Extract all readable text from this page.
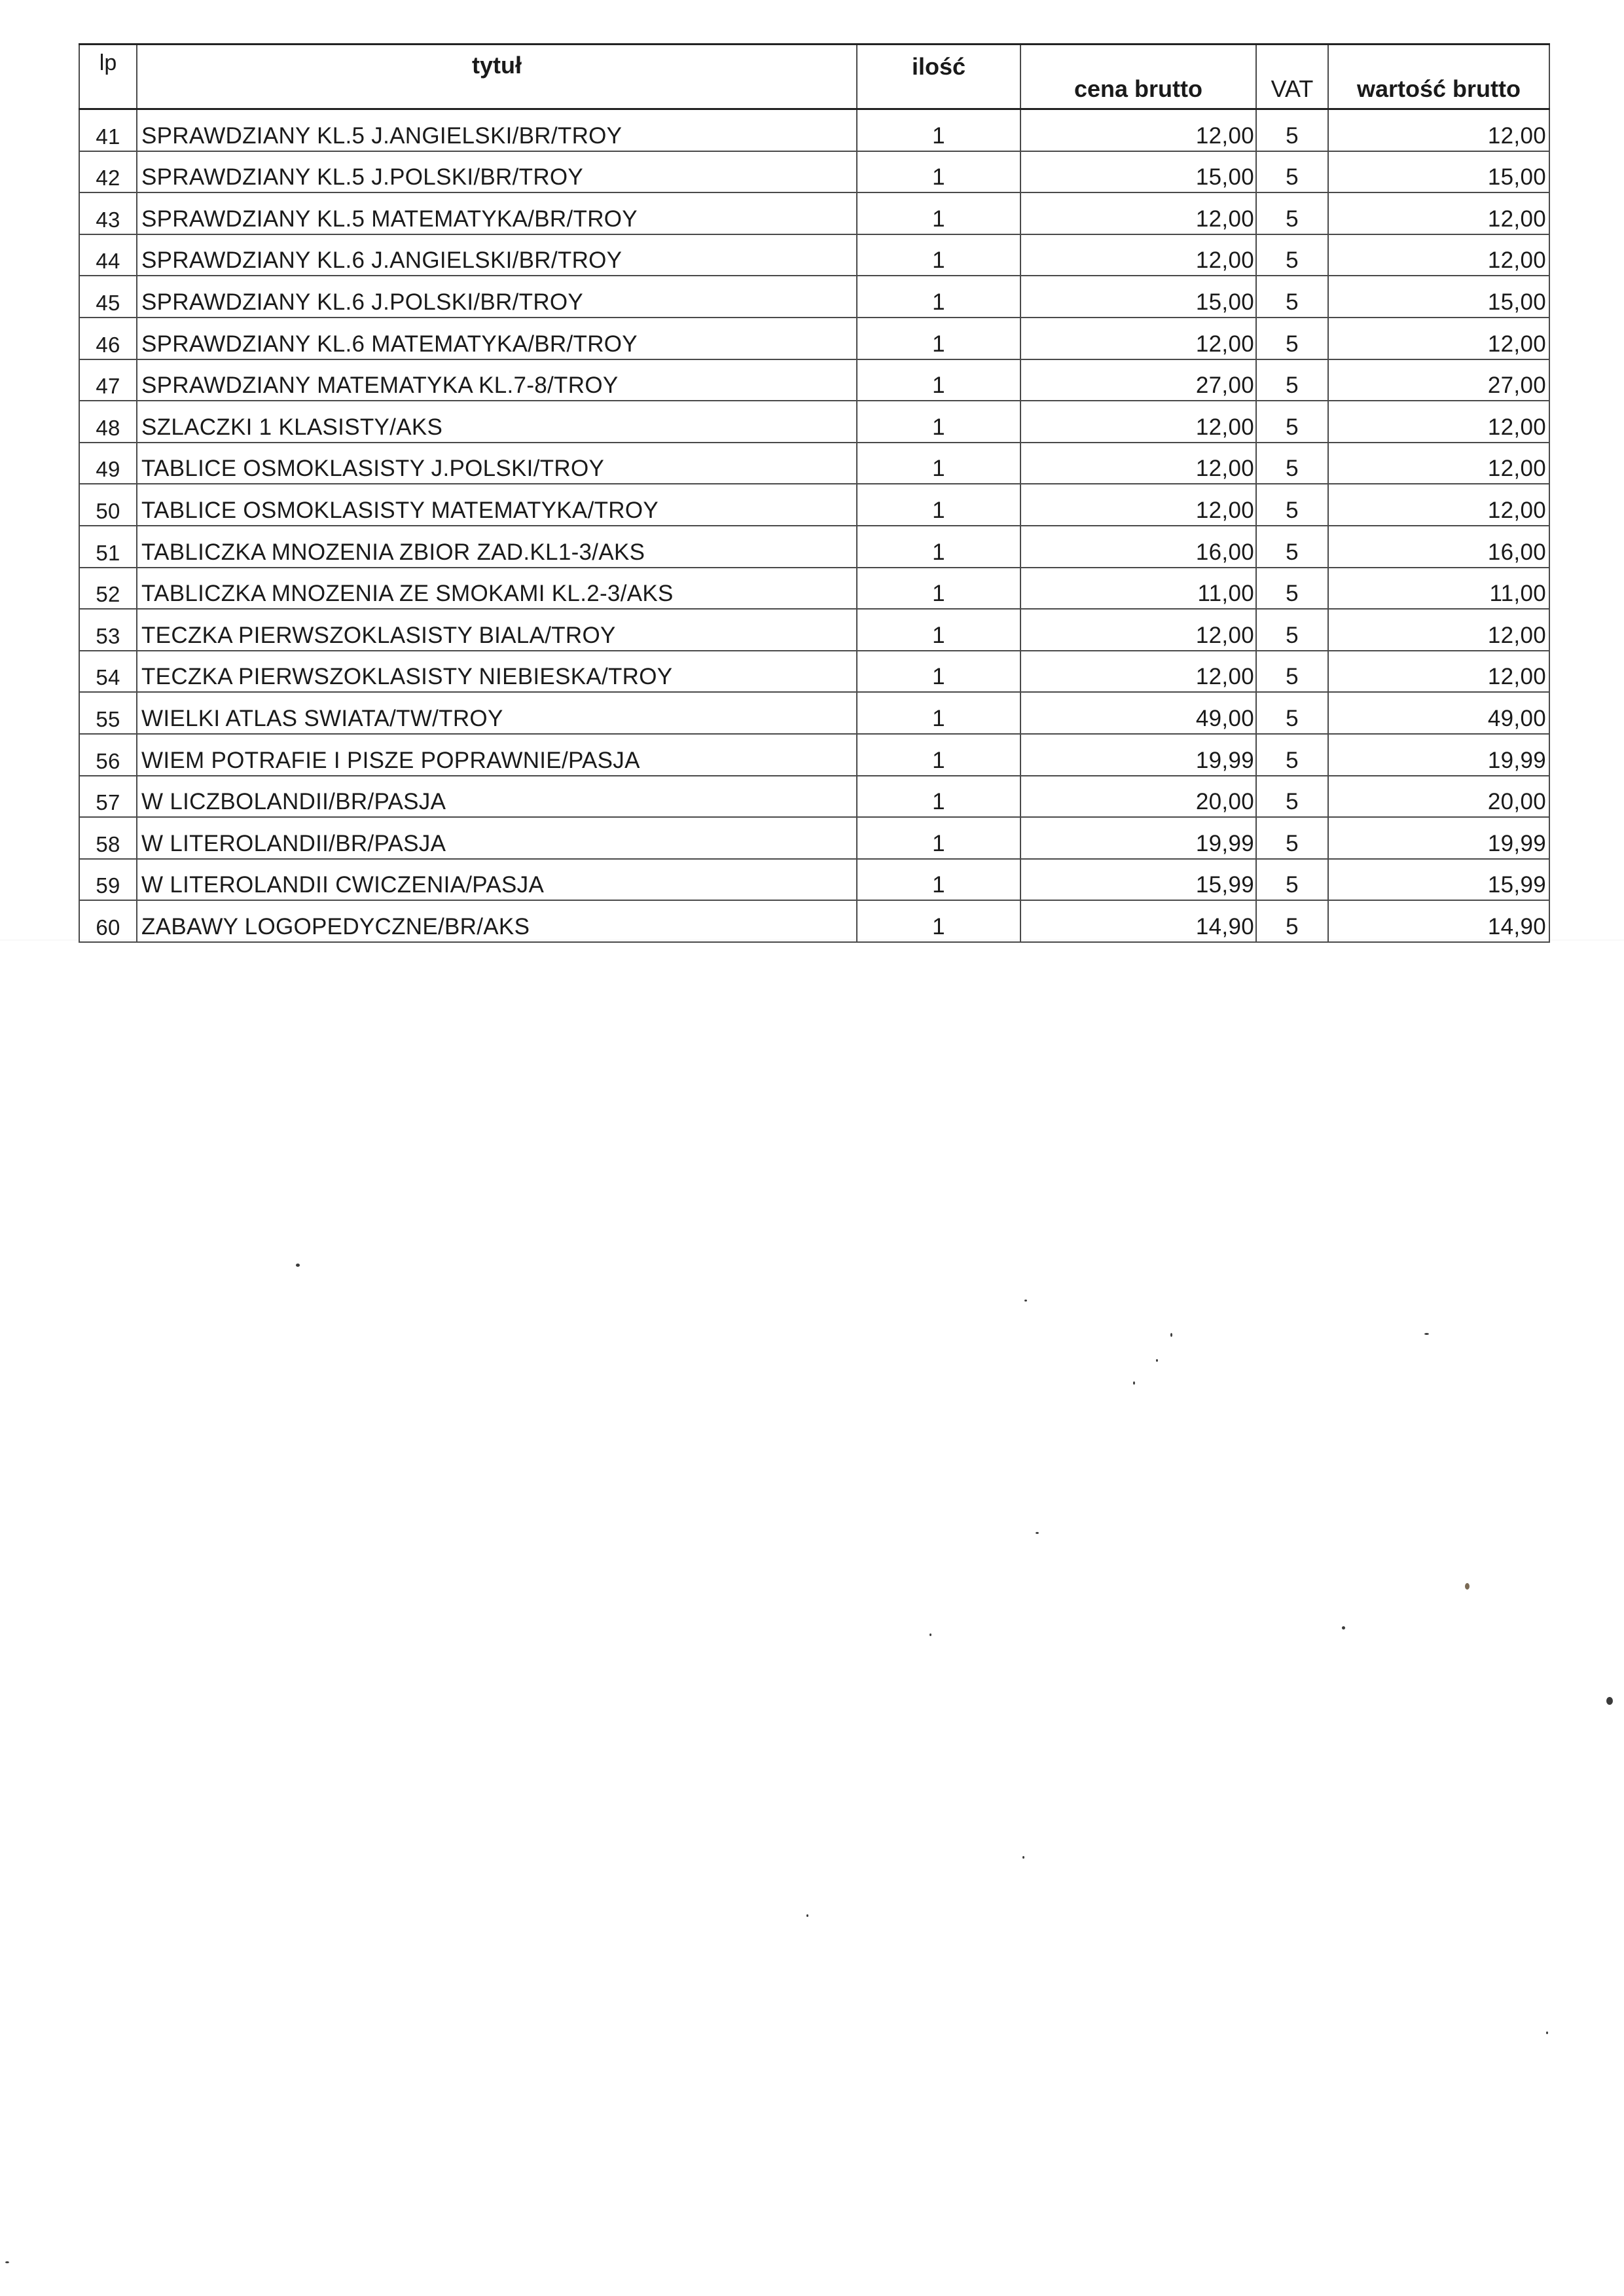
lp	tytuł	ilość	cena brutto	VAT	wartość brutto
41	SPRAWDZIANY KL.5 J.ANGIELSKI/BR/TROY	1	12,00	5	12,00
42	SPRAWDZIANY KL.5 J.POLSKI/BR/TROY	1	15,00	5	15,00
43	SPRAWDZIANY KL.5 MATEMATYKA/BR/TROY	1	12,00	5	12,00
44	SPRAWDZIANY KL.6 J.ANGIELSKI/BR/TROY	1	12,00	5	12,00
45	SPRAWDZIANY KL.6 J.POLSKI/BR/TROY	1	15,00	5	15,00
46	SPRAWDZIANY KL.6 MATEMATYKA/BR/TROY	1	12,00	5	12,00
47	SPRAWDZIANY MATEMATYKA KL.7-8/TROY	1	27,00	5	27,00
48	SZLACZKI 1 KLASISTY/AKS	1	12,00	5	12,00
49	TABLICE OSMOKLASISTY J.POLSKI/TROY	1	12,00	5	12,00
50	TABLICE OSMOKLASISTY MATEMATYKA/TROY	1	12,00	5	12,00
51	TABLICZKA MNOZENIA ZBIOR ZAD.KL1-3/AKS	1	16,00	5	16,00
52	TABLICZKA MNOZENIA ZE SMOKAMI KL.2-3/AKS	1	11,00	5	11,00
53	TECZKA PIERWSZOKLASISTY BIALA/TROY	1	12,00	5	12,00
54	TECZKA PIERWSZOKLASISTY NIEBIESKA/TROY	1	12,00	5	12,00
55	WIELKI ATLAS SWIATA/TW/TROY	1	49,00	5	49,00
56	WIEM POTRAFIE I PISZE POPRAWNIE/PASJA	1	19,99	5	19,99
57	W LICZBOLANDII/BR/PASJA	1	20,00	5	20,00
58	W LITEROLANDII/BR/PASJA	1	19,99	5	19,99
59	W LITEROLANDII CWICZENIA/PASJA	1	15,99	5	15,99
60	ZABAWY LOGOPEDYCZNE/BR/AKS	1	14,90	5	14,90
